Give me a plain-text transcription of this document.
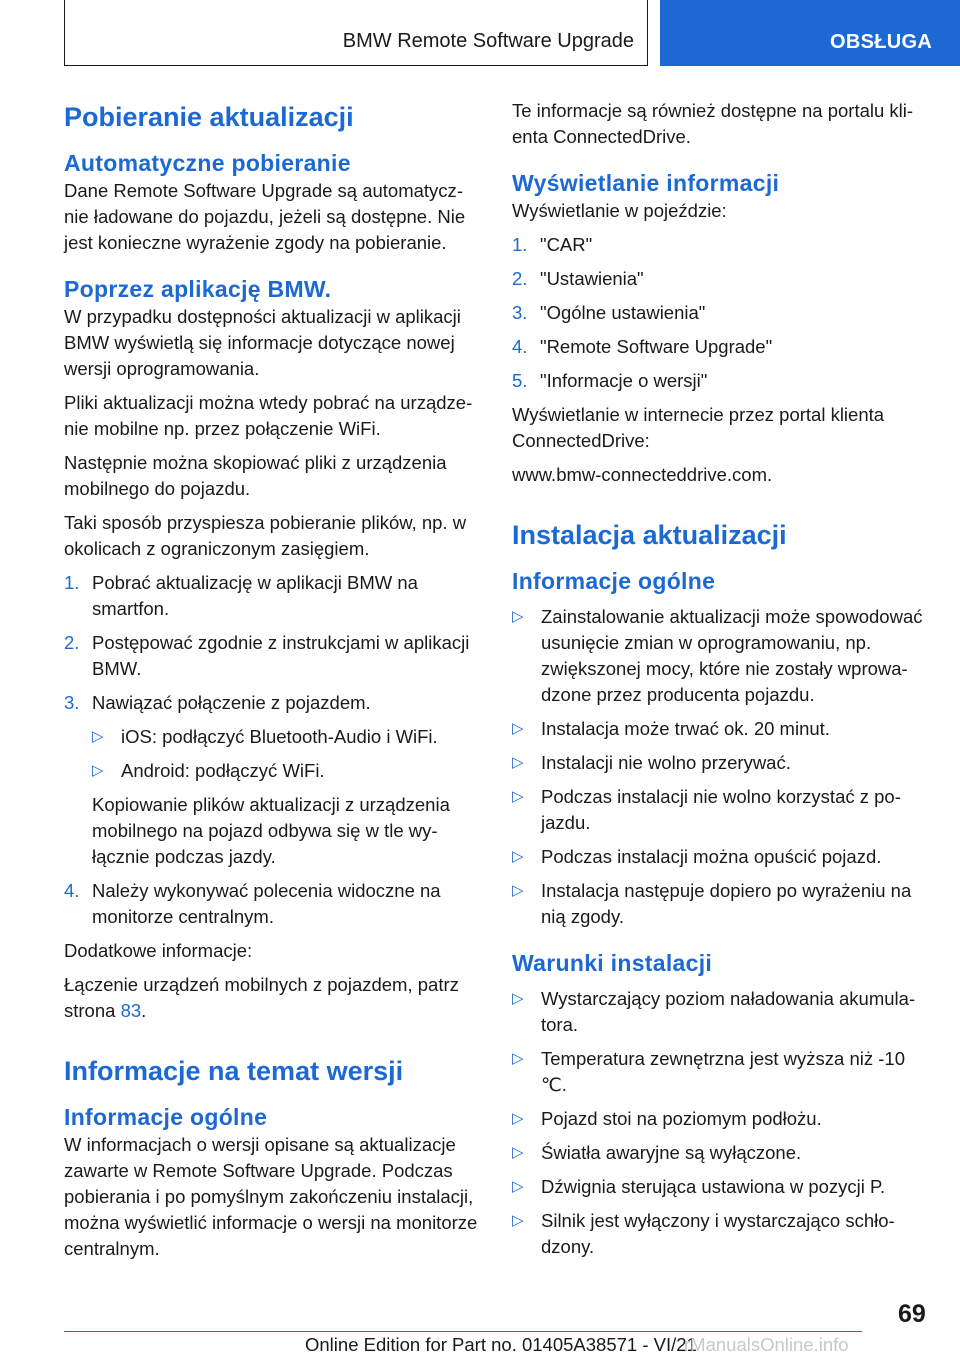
BMW Remote Software Upgrade	OBSŁUGA
Pobieranie aktualizacji
Automatyczne pobieranie

Dane Remote Software Upgrade są automatycznie ładowane do pojazdu, jeżeli są dostępne. Nie jest konieczne wyrażenie zgody na pobieranie.

Poprzez aplikację BMW.

W przypadku dostępności aktualizacji w aplikacji BMW wyświetlą się informacje dotyczące nowej wersji oprogramowania.

Pliki aktualizacji można wtedy pobrać na urządzenie mobilne np. przez połączenie WiFi.

Następnie można skopiować pliki z urządzenia mobilnego do pojazdu.

Taki sposób przyspiesza pobieranie plików, np. w okolicach z ograniczonym zasięgiem.

1. Pobrać aktualizację w aplikacji BMW na smartfon.
2. Postępować zgodnie z instrukcjami w aplikacji BMW.
3. Nawiązać połączenie z pojazdem.
▷ iOS: podłączyć Bluetooth-Audio i WiFi.
▷ Android: podłączyć WiFi.

Kopiowanie plików aktualizacji z urządzenia mobilnego na pojazd odbywa się w tle wyłącznie podczas jazdy.

4. Należy wykonywać polecenia widoczne na monitorze centralnym.

Dodatkowe informacje:

Łączenie urządzeń mobilnych z pojazdem, patrz strona 83.

Informacje na temat wersji
Informacje ogólne

W informacjach o wersji opisane są aktualizacje zawarte w Remote Software Upgrade. Podczas pobierania i po pomyślnym zakończeniu instalacji, można wyświetlić informacje o wersji na monitorze centralnym.

Te informacje są również dostępne na portalu klienta ConnectedDrive.

Wyświetlanie informacji

Wyświetlanie w pojeździe:

1. "CAR"
2. "Ustawienia"
3. "Ogólne ustawienia"
4. "Remote Software Upgrade"
5. "Informacje o wersji"

Wyświetlanie w internecie przez portal klienta ConnectedDrive:

www.bmw-connecteddrive.com.

Instalacja aktualizacji
Informacje ogólne
▷ Zainstalowanie aktualizacji może spowodować usunięcie zmian w oprogramowaniu, np. zwiększonej mocy, które nie zostały wprowadzone przez producenta pojazdu.
▷ Instalacja może trwać ok. 20 minut.
▷ Instalacji nie wolno przerywać.
▷ Podczas instalacji nie wolno korzystać z pojazdu.
▷ Podczas instalacji można opuścić pojazd.
▷ Instalacja następuje dopiero po wyrażeniu na nią zgody.
Warunki instalacji
▷ Wystarczający poziom naładowania akumulatora.
▷ Temperatura zewnętrzna jest wyższa niż -10 ℃.
▷ Pojazd stoi na poziomym podłożu.
▷ Światła awaryjne są wyłączone.
▷ Dźwignia sterująca ustawiona w pozycji P.
▷ Silnik jest wyłączony i wystarczająco schłodzony.
69
Online Edition for Part no. 01405A38571 - VI/21
rManualsOnline.info
